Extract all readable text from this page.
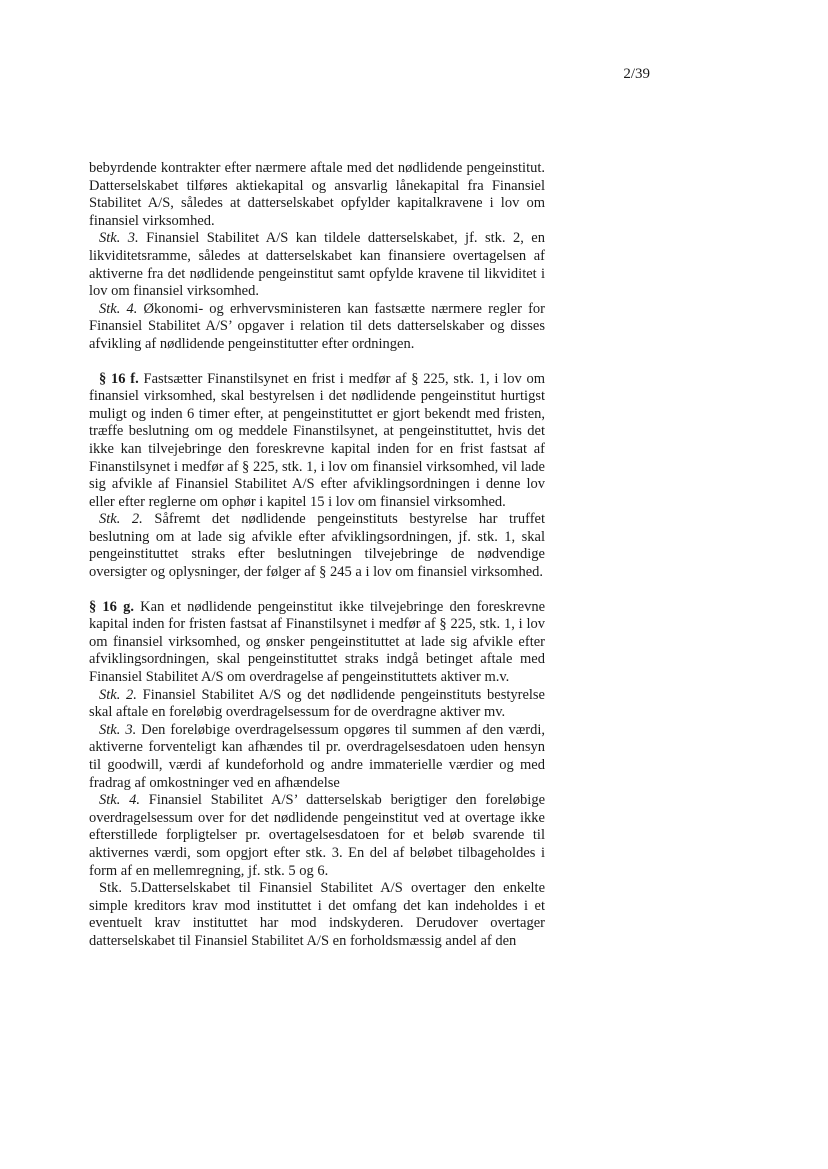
2/39

bebyrdende kontrakter efter nærmere aftale med det nødlidende pengeinstitut. Datterselskabet tilføres aktiekapital og ansvarlig lånekapital fra Finansiel Stabilitet A/S, således at datterselskabet opfylder kapitalkravene i lov om finansiel virksomhed.

Stk. 3. Finansiel Stabilitet A/S kan tildele datterselskabet, jf. stk. 2, en likviditetsramme, således at datterselskabet kan finansiere overtagelsen af aktiverne fra det nødlidende pengeinstitut samt opfylde kravene til likviditet i lov om finansiel virksomhed.

Stk. 4. Økonomi- og erhvervsministeren kan fastsætte nærmere regler for Finansiel Stabilitet A/S’ opgaver i relation til dets datterselskaber og disses afvikling af nødlidende pengeinstitutter efter ordningen.

§ 16 f. Fastsætter Finanstilsynet en frist i medfør af § 225, stk. 1, i lov om finansiel virksomhed, skal bestyrelsen i det nødlidende pengeinstitut hurtigst muligt og inden 6 timer efter, at pengeinstituttet er gjort bekendt med fristen, træffe beslutning om og meddele Finanstilsynet, at pengeinstituttet, hvis det ikke kan tilvejebringe den foreskrevne kapital inden for en frist fastsat af Finanstilsynet i medfør af § 225, stk. 1, i lov om finansiel virksomhed, vil lade sig afvikle af Finansiel Stabilitet A/S efter afviklingsordningen i denne lov eller efter reglerne om ophør i kapitel 15 i lov om finansiel virksomhed.

Stk. 2. Såfremt det nødlidende pengeinstituts bestyrelse har truffet beslutning om at lade sig afvikle efter afviklingsordningen, jf. stk. 1, skal pengeinstituttet straks efter beslutningen tilvejebringe de nødvendige oversigter og oplysninger, der følger af § 245 a i lov om finansiel virksomhed.

§ 16 g. Kan et nødlidende pengeinstitut ikke tilvejebringe den foreskrevne kapital inden for fristen fastsat af Finanstilsynet i medfør af § 225, stk. 1, i lov om finansiel virksomhed, og ønsker pengeinstituttet at lade sig afvikle efter afviklingsordningen, skal pengeinstituttet straks indgå betinget aftale med Finansiel Stabilitet A/S om overdragelse af pengeinstituttets aktiver m.v.

Stk. 2. Finansiel Stabilitet A/S og det nødlidende pengeinstituts bestyrelse skal aftale en foreløbig overdragelsessum for de overdragne aktiver mv.

Stk. 3. Den foreløbige overdragelsessum opgøres til summen af den værdi, aktiverne forventeligt kan afhændes til pr. overdragelsesdatoen uden hensyn til goodwill, værdi af kundeforhold og andre immaterielle værdier og med fradrag af omkostninger ved en afhændelse

Stk. 4. Finansiel Stabilitet A/S’ datterselskab berigtiger den foreløbige overdragelsessum over for det nødlidende pengeinstitut ved at overtage ikke efterstillede forpligtelser pr. overtagelsesdatoen for et beløb svarende til aktivernes værdi, som opgjort efter stk. 3. En del af beløbet tilbageholdes i form af en mellemregning, jf. stk. 5 og 6.

Stk. 5.Datterselskabet til Finansiel Stabilitet A/S overtager den enkelte simple kreditors krav mod instituttet i det omfang det kan indeholdes i et eventuelt krav instituttet har mod indskyderen. Derudover overtager datterselskabet til Finansiel Stabilitet A/S en forholdsmæssig andel af den
